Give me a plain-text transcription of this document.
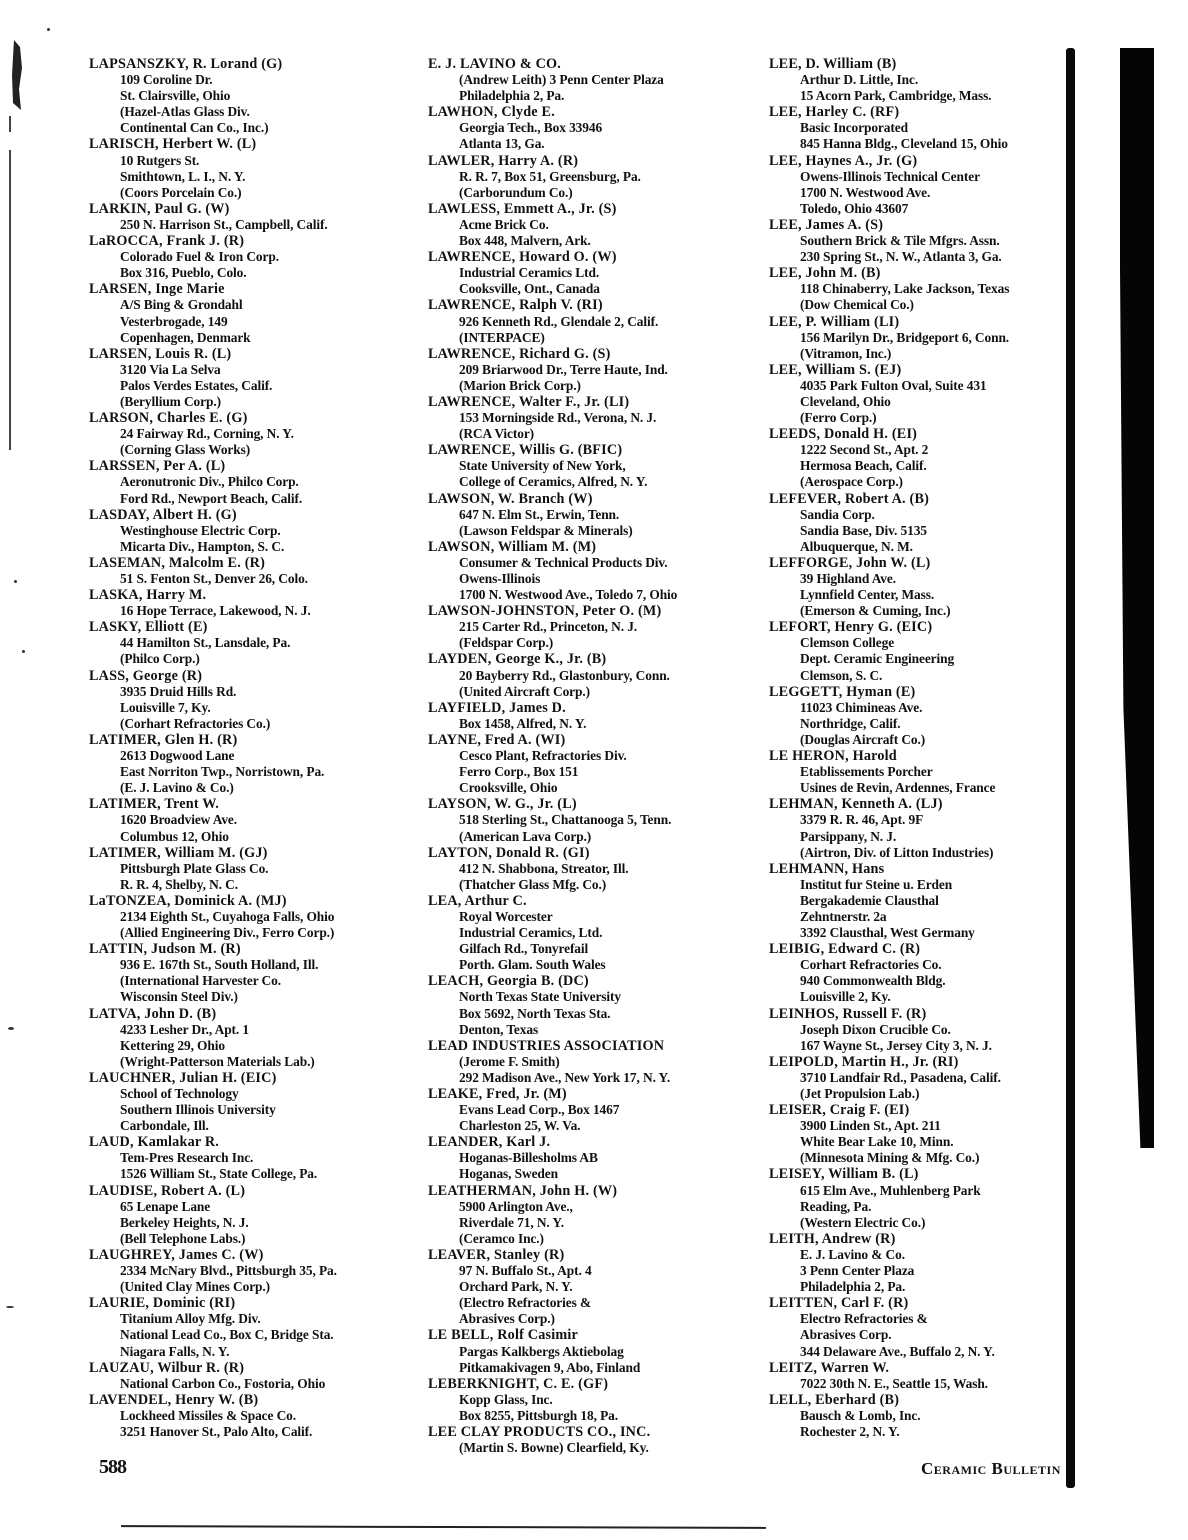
LAPSANSZKY, R. Lorand (G)
109 Coroline Dr.
St. Clairsville, Ohio
(Hazel-Atlas Glass Div.
Continental Can Co., Inc.)
LARISCH, Herbert W. (L)
10 Rutgers St.
Smithtown, L. I., N. Y.
(Coors Porcelain Co.)
LARKIN, Paul G. (W)
250 N. Harrison St., Campbell, Calif.
LaROCCA, Frank J. (R)
Colorado Fuel & Iron Corp.
Box 316, Pueblo, Colo.
LARSEN, Inge Marie
A/S Bing & Grondahl
Vesterbrogade, 149
Copenhagen, Denmark
LARSEN, Louis R. (L)
3120 Via La Selva
Palos Verdes Estates, Calif.
(Beryllium Corp.)
LARSON, Charles E. (G)
24 Fairway Rd., Corning, N. Y.
(Corning Glass Works)
LARSSEN, Per A. (L)
Aeronutronic Div., Philco Corp.
Ford Rd., Newport Beach, Calif.
LASDAY, Albert H. (G)
Westinghouse Electric Corp.
Micarta Div., Hampton, S. C.
LASEMAN, Malcolm E. (R)
51 S. Fenton St., Denver 26, Colo.
LASKA, Harry M.
16 Hope Terrace, Lakewood, N. J.
LASKY, Elliott (E)
44 Hamilton St., Lansdale, Pa.
(Philco Corp.)
LASS, George (R)
3935 Druid Hills Rd.
Louisville 7, Ky.
(Corhart Refractories Co.)
LATIMER, Glen H. (R)
2613 Dogwood Lane
East Norriton Twp., Norristown, Pa.
(E. J. Lavino & Co.)
LATIMER, Trent W.
1620 Broadview Ave.
Columbus 12, Ohio
LATIMER, William M. (GJ)
Pittsburgh Plate Glass Co.
R. R. 4, Shelby, N. C.
LaTONZEA, Dominick A. (MJ)
2134 Eighth St., Cuyahoga Falls, Ohio
(Allied Engineering Div., Ferro Corp.)
LATTIN, Judson M. (R)
936 E. 167th St., South Holland, Ill.
(International Harvester Co.
Wisconsin Steel Div.)
LATVA, John D. (B)
4233 Lesher Dr., Apt. 1
Kettering 29, Ohio
(Wright-Patterson Materials Lab.)
LAUCHNER, Julian H. (EIC)
School of Technology
Southern Illinois University
Carbondale, Ill.
LAUD, Kamlakar R.
Tem-Pres Research Inc.
1526 William St., State College, Pa.
LAUDISE, Robert A. (L)
65 Lenape Lane
Berkeley Heights, N. J.
(Bell Telephone Labs.)
LAUGHREY, James C. (W)
2334 McNary Blvd., Pittsburgh 35, Pa.
(United Clay Mines Corp.)
LAURIE, Dominic (RI)
Titanium Alloy Mfg. Div.
National Lead Co., Box C, Bridge Sta.
Niagara Falls, N. Y.
LAUZAU, Wilbur R. (R)
National Carbon Co., Fostoria, Ohio
LAVENDEL, Henry W. (B)
Lockheed Missiles & Space Co.
3251 Hanover St., Palo Alto, Calif.
E. J. LAVINO & CO.
(Andrew Leith) 3 Penn Center Plaza
Philadelphia 2, Pa.
LAWHON, Clyde E.
Georgia Tech., Box 33946
Atlanta 13, Ga.
LAWLER, Harry A. (R)
R. R. 7, Box 51, Greensburg, Pa.
(Carborundum Co.)
LAWLESS, Emmett A., Jr. (S)
Acme Brick Co.
Box 448, Malvern, Ark.
LAWRENCE, Howard O. (W)
Industrial Ceramics Ltd.
Cooksville, Ont., Canada
LAWRENCE, Ralph V. (RI)
926 Kenneth Rd., Glendale 2, Calif.
(INTERPACE)
LAWRENCE, Richard G. (S)
209 Briarwood Dr., Terre Haute, Ind.
(Marion Brick Corp.)
LAWRENCE, Walter F., Jr. (LI)
153 Morningside Rd., Verona, N. J.
(RCA Victor)
LAWRENCE, Willis G. (BFIC)
State University of New York,
College of Ceramics, Alfred, N. Y.
LAWSON, W. Branch (W)
647 N. Elm St., Erwin, Tenn.
(Lawson Feldspar & Minerals)
LAWSON, William M. (M)
Consumer & Technical Products Div.
Owens-Illinois
1700 N. Westwood Ave., Toledo 7, Ohio
LAWSON-JOHNSTON, Peter O. (M)
215 Carter Rd., Princeton, N. J.
(Feldspar Corp.)
LAYDEN, George K., Jr. (B)
20 Bayberry Rd., Glastonbury, Conn.
(United Aircraft Corp.)
LAYFIELD, James D.
Box 1458, Alfred, N. Y.
LAYNE, Fred A. (WI)
Cesco Plant, Refractories Div.
Ferro Corp., Box 151
Crooksville, Ohio
LAYSON, W. G., Jr. (L)
518 Sterling St., Chattanooga 5, Tenn.
(American Lava Corp.)
LAYTON, Donald R. (GI)
412 N. Shabbona, Streator, Ill.
(Thatcher Glass Mfg. Co.)
LEA, Arthur C.
Royal Worcester
Industrial Ceramics, Ltd.
Gilfach Rd., Tonyrefail
Porth. Glam. South Wales
LEACH, Georgia B. (DC)
North Texas State University
Box 5692, North Texas Sta.
Denton, Texas
LEAD INDUSTRIES ASSOCIATION
(Jerome F. Smith)
292 Madison Ave., New York 17, N. Y.
LEAKE, Fred, Jr. (M)
Evans Lead Corp., Box 1467
Charleston 25, W. Va.
LEANDER, Karl J.
Hoganas-Billesholms AB
Hoganas, Sweden
LEATHERMAN, John H. (W)
5900 Arlington Ave.,
Riverdale 71, N. Y.
(Ceramco Inc.)
LEAVER, Stanley (R)
97 N. Buffalo St., Apt. 4
Orchard Park, N. Y.
(Electro Refractories &
Abrasives Corp.)
LE BELL, Rolf Casimir
Pargas Kalkbergs Aktiebolag
Pitkamakivagen 9, Abo, Finland
LEBERKNIGHT, C. E. (GF)
Kopp Glass, Inc.
Box 8255, Pittsburgh 18, Pa.
LEE CLAY PRODUCTS CO., INC.
(Martin S. Bowne) Clearfield, Ky.
LEE, D. William (B)
Arthur D. Little, Inc.
15 Acorn Park, Cambridge, Mass.
LEE, Harley C. (RF)
Basic Incorporated
845 Hanna Bldg., Cleveland 15, Ohio
LEE, Haynes A., Jr. (G)
Owens-Illinois Technical Center
1700 N. Westwood Ave.
Toledo, Ohio 43607
LEE, James A. (S)
Southern Brick & Tile Mfgrs. Assn.
230 Spring St., N. W., Atlanta 3, Ga.
LEE, John M. (B)
118 Chinaberry, Lake Jackson, Texas
(Dow Chemical Co.)
LEE, P. William (LI)
156 Marilyn Dr., Bridgeport 6, Conn.
(Vitramon, Inc.)
LEE, William S. (EJ)
4035 Park Fulton Oval, Suite 431
Cleveland, Ohio
(Ferro Corp.)
LEEDS, Donald H. (EI)
1222 Second St., Apt. 2
Hermosa Beach, Calif.
(Aerospace Corp.)
LEFEVER, Robert A. (B)
Sandia Corp.
Sandia Base, Div. 5135
Albuquerque, N. M.
LEFFORGE, John W. (L)
39 Highland Ave.
Lynnfield Center, Mass.
(Emerson & Cuming, Inc.)
LEFORT, Henry G. (EIC)
Clemson College
Dept. Ceramic Engineering
Clemson, S. C.
LEGGETT, Hyman (E)
11023 Chimineas Ave.
Northridge, Calif.
(Douglas Aircraft Co.)
LE HERON, Harold
Etablissements Porcher
Usines de Revin, Ardennes, France
LEHMAN, Kenneth A. (LJ)
3379 R. R. 46, Apt. 9F
Parsippany, N. J.
(Airtron, Div. of Litton Industries)
LEHMANN, Hans
Institut fur Steine u. Erden
Bergakademie Clausthal
Zehntnerstr. 2a
3392 Clausthal, West Germany
LEIBIG, Edward C. (R)
Corhart Refractories Co.
940 Commonwealth Bldg.
Louisville 2, Ky.
LEINHOS, Russell F. (R)
Joseph Dixon Crucible Co.
167 Wayne St., Jersey City 3, N. J.
LEIPOLD, Martin H., Jr. (RI)
3710 Landfair Rd., Pasadena, Calif.
(Jet Propulsion Lab.)
LEISER, Craig F. (EI)
3900 Linden St., Apt. 211
White Bear Lake 10, Minn.
(Minnesota Mining & Mfg. Co.)
LEISEY, William B. (L)
615 Elm Ave., Muhlenberg Park
Reading, Pa.
(Western Electric Co.)
LEITH, Andrew (R)
E. J. Lavino & Co.
3 Penn Center Plaza
Philadelphia 2, Pa.
LEITTEN, Carl F. (R)
Electro Refractories &
Abrasives Corp.
344 Delaware Ave., Buffalo 2, N. Y.
LEITZ, Warren W.
7022 30th N. E., Seattle 15, Wash.
LELL, Eberhard (B)
Bausch & Lomb, Inc.
Rochester 2, N. Y.
588	Ceramic Bulletin
